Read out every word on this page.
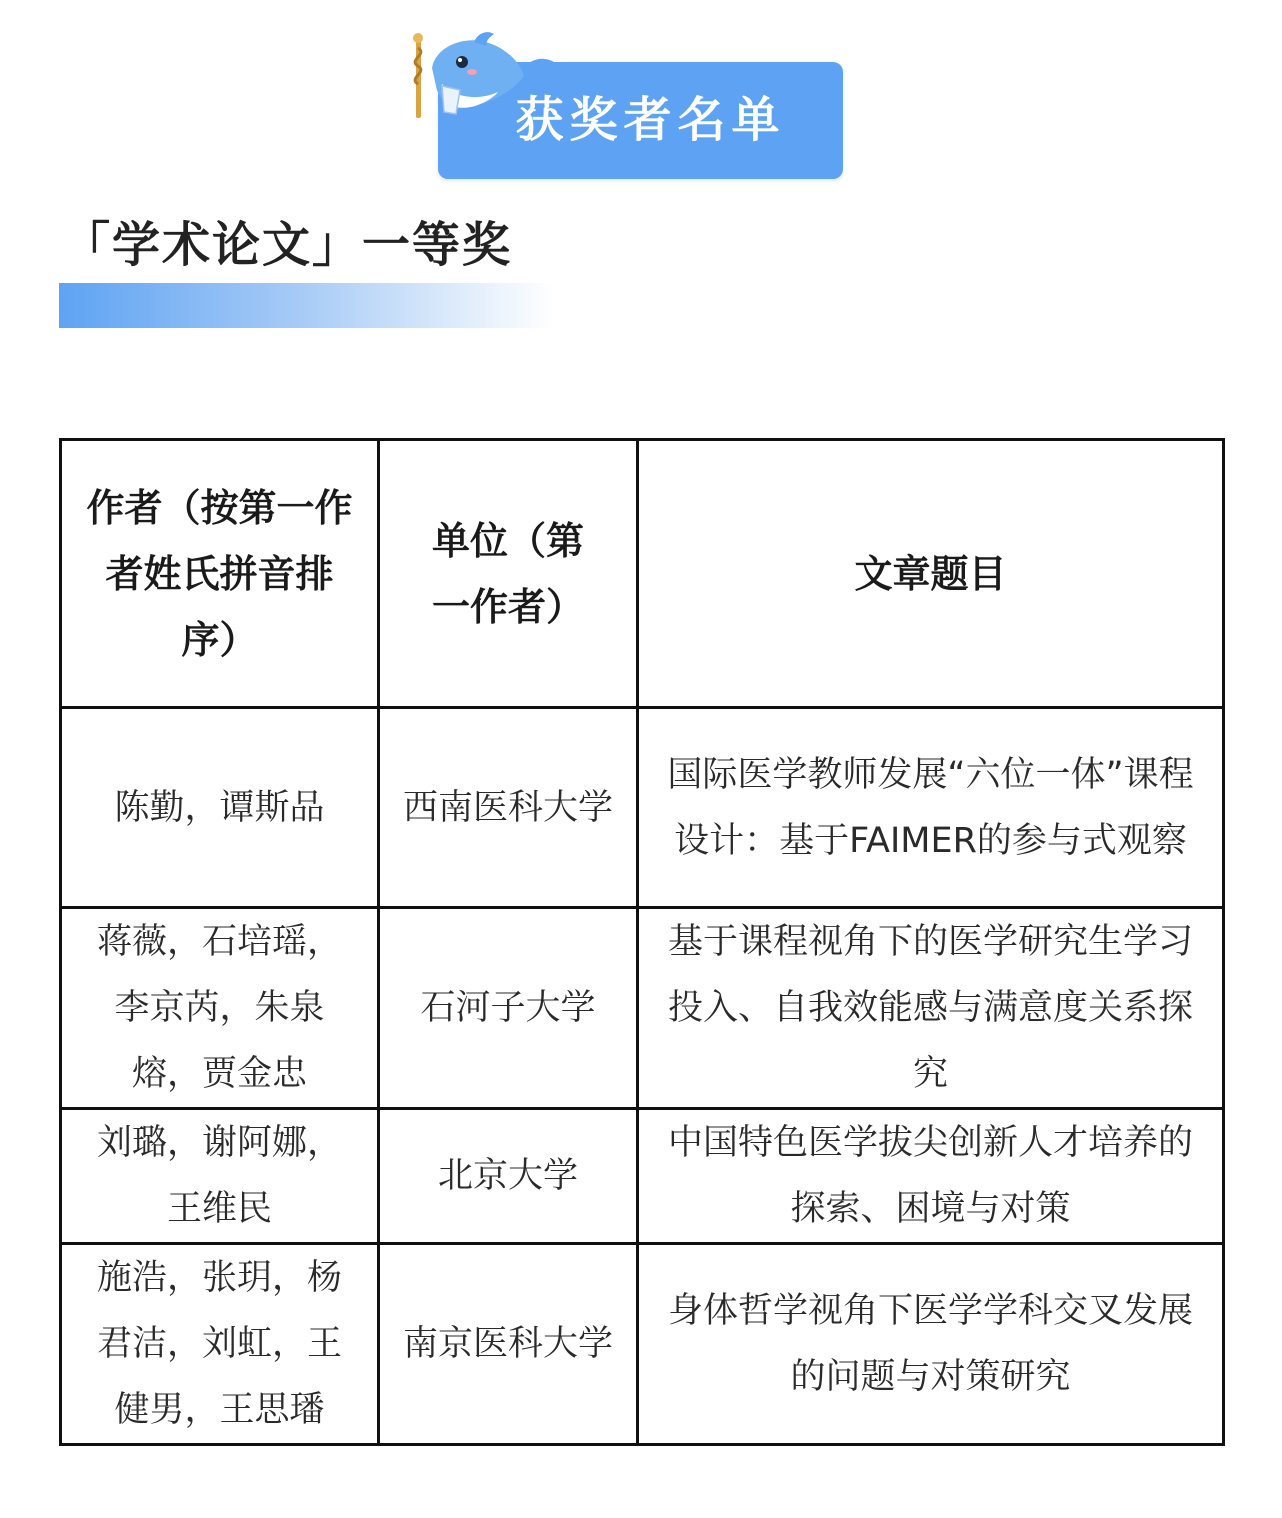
获奖者名单
「学术论文」一等奖
作者（按第一作者姓氏拼音排序）	单位（第一作者）	文章题目
陈勤，谭斯品	西南医科大学	国际医学教师发展“六位一体”课程设计：基于FAIMER的参与式观察
蒋薇，石培瑶，李京芮，朱泉熔，贾金忠	石河子大学	基于课程视角下的医学研究生学习投入、自我效能感与满意度关系探究
刘璐，谢阿娜，王维民	北京大学	中国特色医学拔尖创新人才培养的探索、困境与对策
施浩，张玥，杨君洁，刘虹，王健男，王思璠	南京医科大学	身体哲学视角下医学学科交叉发展的问题与对策研究
